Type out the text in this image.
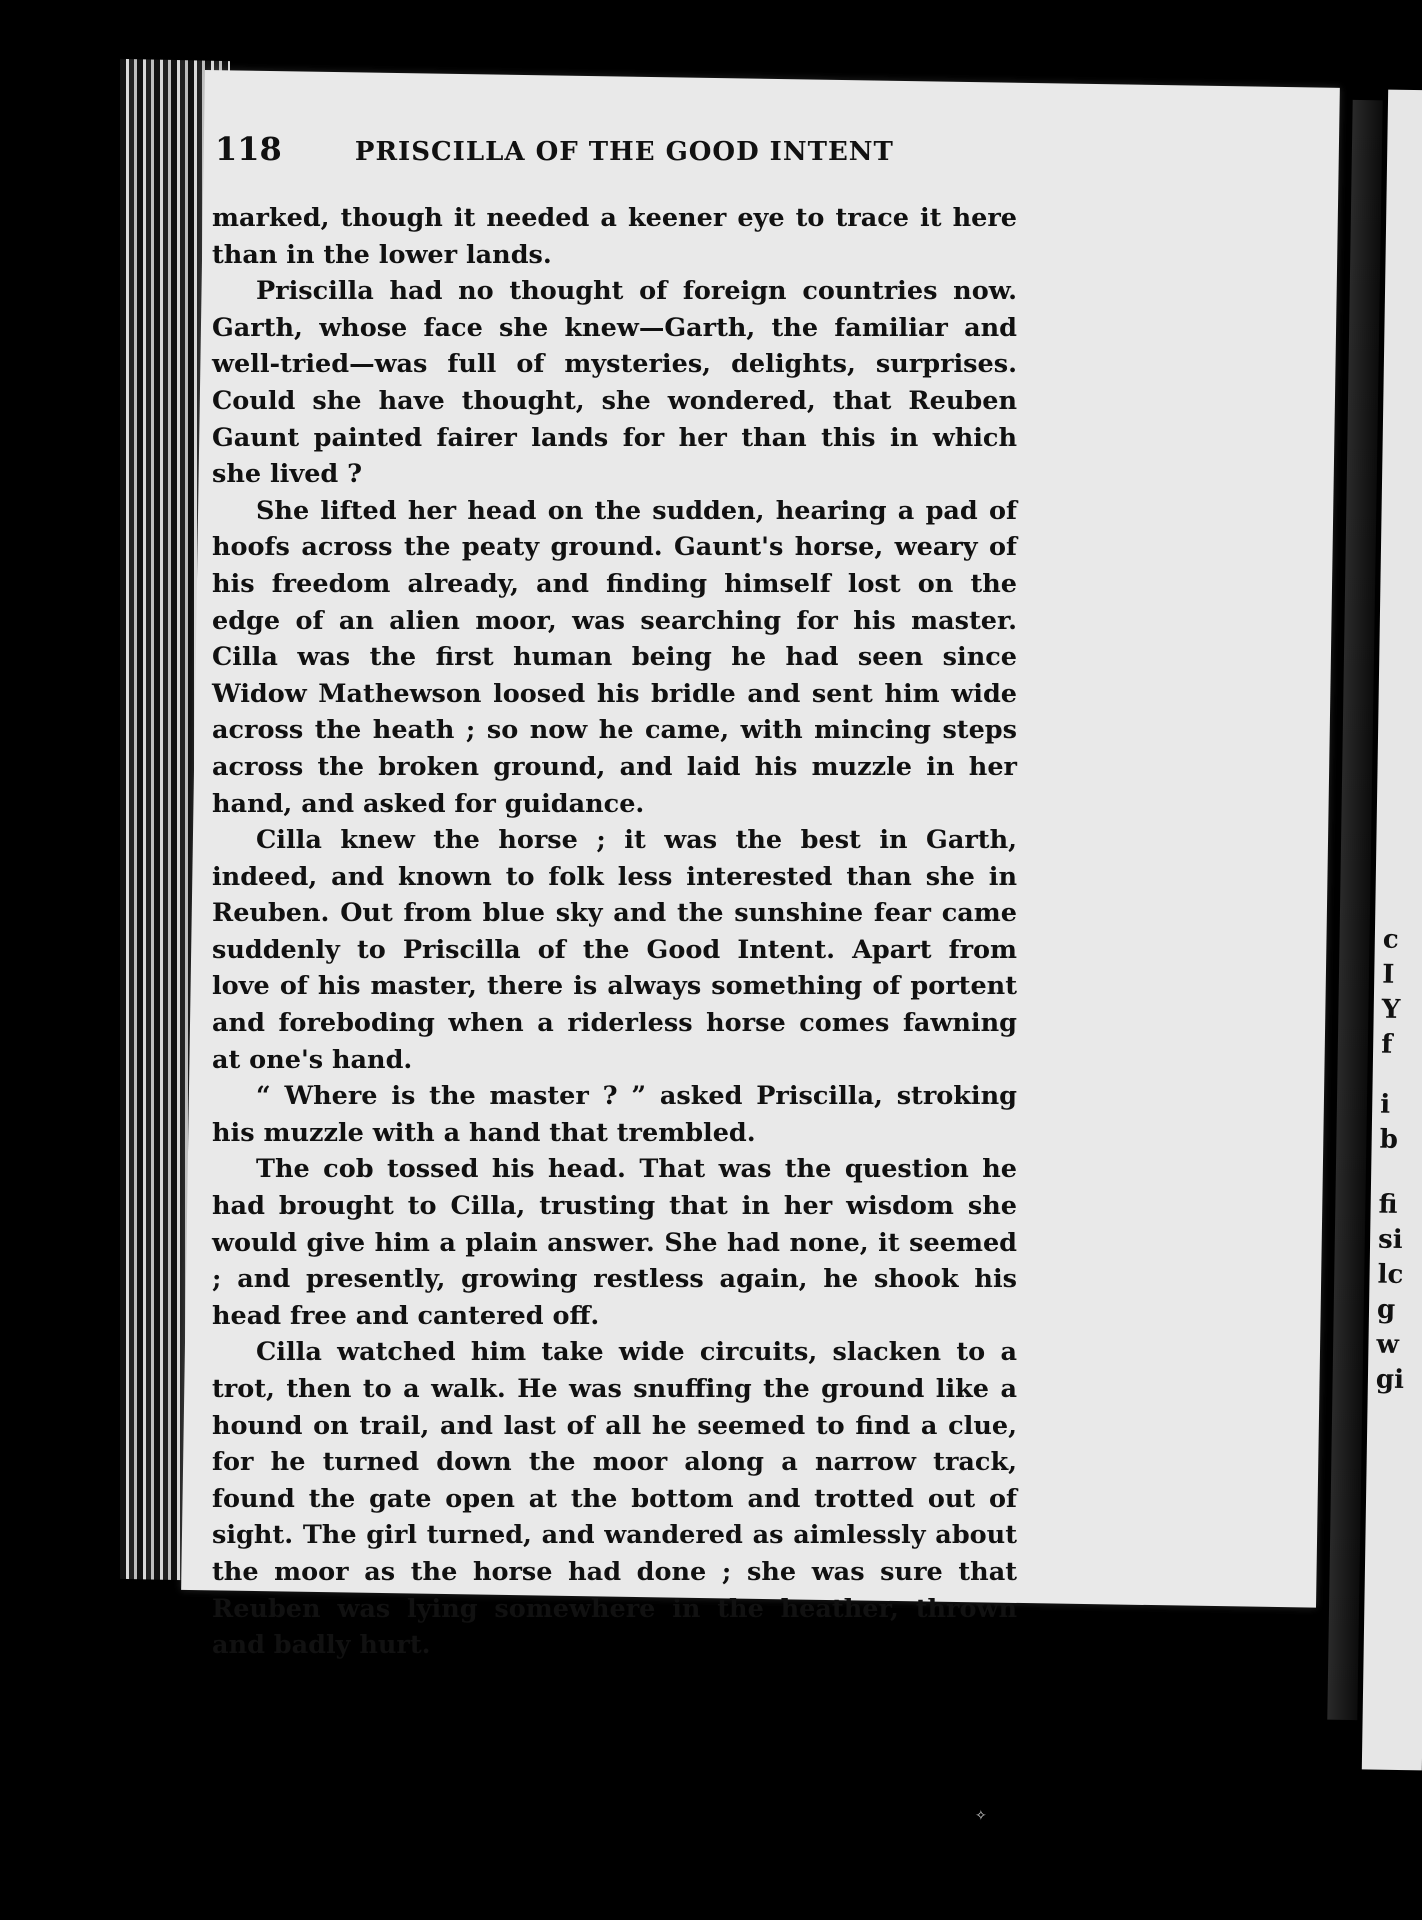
c
I
Y
f
i
b
fi
si
lc
g
w
gi
118	PRISCILLA OF THE GOOD INTENT

marked, though it needed a keener eye to trace it here than in the lower lands.

Priscilla had no thought of foreign countries now. Garth, whose face she knew—Garth, the familiar and well-tried—was full of mysteries, delights, surprises. Could she have thought, she wondered, that Reuben Gaunt painted fairer lands for her than this in which she lived ?

She lifted her head on the sudden, hearing a pad of hoofs across the peaty ground. Gaunt's horse, weary of his freedom already, and finding himself lost on the edge of an alien moor, was searching for his master. Cilla was the first human being he had seen since Widow Mathewson loosed his bridle and sent him wide across the heath ; so now he came, with mincing steps across the broken ground, and laid his muzzle in her hand, and asked for guidance.

Cilla knew the horse ; it was the best in Garth, indeed, and known to folk less interested than she in Reuben. Out from blue sky and the sunshine fear came suddenly to Priscilla of the Good Intent. Apart from love of his master, there is always something of portent and foreboding when a riderless horse comes fawning at one's hand.

“ Where is the master ? ” asked Priscilla, stroking his muzzle with a hand that trembled.

The cob tossed his head. That was the question he had brought to Cilla, trusting that in her wisdom she would give him a plain answer. She had none, it seemed ; and presently, growing restless again, he shook his head free and cantered off.

Cilla watched him take wide circuits, slacken to a trot, then to a walk. He was snuffing the ground like a hound on trail, and last of all he seemed to find a clue, for he turned down the moor along a narrow track, found the gate open at the bottom and trotted out of sight. The girl turned, and wandered as aimlessly about the moor as the horse had done ; she was sure that Reuben was lying somewhere in the heather, thrown and badly hurt.

✧
